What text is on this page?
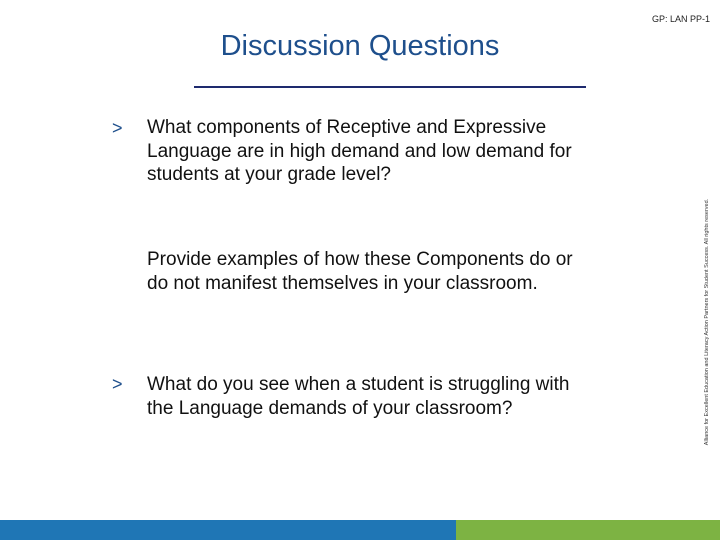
GP: LAN PP-1
Discussion Questions
> What components of Receptive and Expressive Language are in high demand and low demand for students at your grade level?
Provide examples of how these Components do or do not manifest themselves in your classroom.
> What do you see when a student is struggling with the Language demands of your classroom?	Alliance for Excellent Education and Literacy Action Partners for Student Success. All rights reserved.
